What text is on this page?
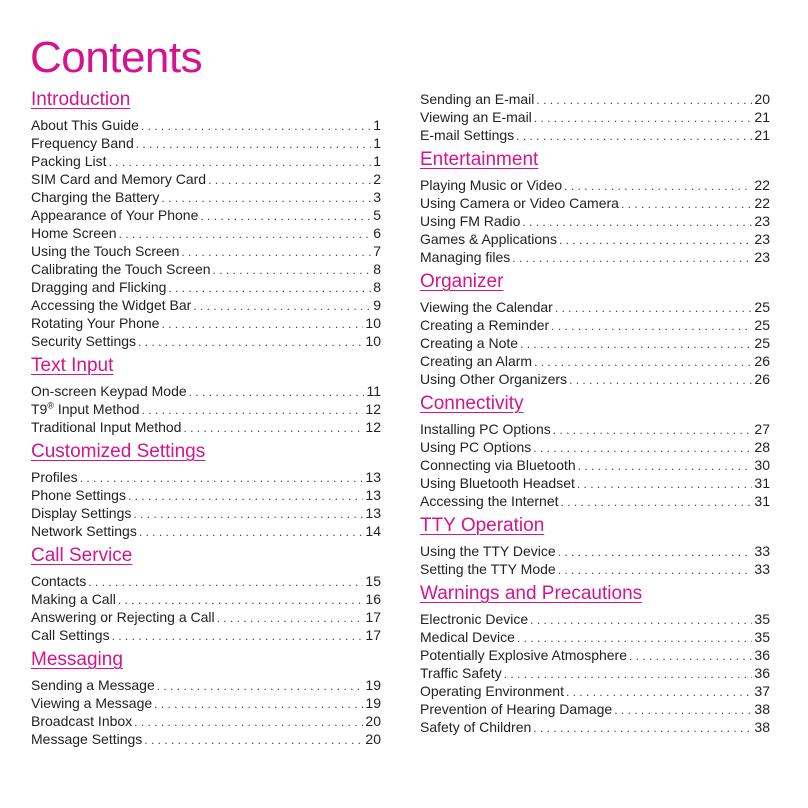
Contents
Introduction
About This Guide . . .	1
Frequency Band . . .	1
Packing List . . .	1
SIM Card and Memory Card . . .	2
Charging the Battery . . .	3
Appearance of Your Phone . . .	5
Home Screen . . .	6
Using the Touch Screen . . .	7
Calibrating the Touch Screen . . .	8
Dragging and Flicking . . .	8
Accessing the Widget Bar . . .	9
Rotating Your Phone . . .	10
Security Settings . . .	10
Text Input
On-screen Keypad Mode . . .	11
T9® Input Method . . .	12
Traditional Input Method . . .	12
Customized Settings
Profiles . . .	13
Phone Settings . . .	13
Display Settings . . .	13
Network Settings . . .	14
Call Service
Contacts . . .	15
Making a Call . . .	16
Answering or Rejecting a Call . . .	17
Call Settings . . .	17
Messaging
Sending a Message . . .	19
Viewing a Message . . .	19
Broadcast Inbox . . .	20
Message Settings . . .	20
Sending an E-mail . . .	20
Viewing an E-mail . . .	21
E-mail Settings . . .	21
Entertainment
Playing Music or Video . . .	22
Using Camera or Video Camera . . .	22
Using FM Radio . . .	23
Games & Applications . . .	23
Managing files . . .	23
Organizer
Viewing the Calendar . . .	25
Creating a Reminder . . .	25
Creating a Note . . .	25
Creating an Alarm . . .	26
Using Other Organizers . . .	26
Connectivity
Installing PC Options . . .	27
Using PC Options . . .	28
Connecting via Bluetooth . . .	30
Using Bluetooth Headset . . .	31
Accessing the Internet . . .	31
TTY Operation
Using the TTY Device . . .	33
Setting the TTY Mode . . .	33
Warnings and Precautions
Electronic Device . . .	35
Medical Device . . .	35
Potentially Explosive Atmosphere . . .	36
Traffic Safety . . .	36
Operating Environment . . .	37
Prevention of Hearing Damage . . .	38
Safety of Children . . .	38
